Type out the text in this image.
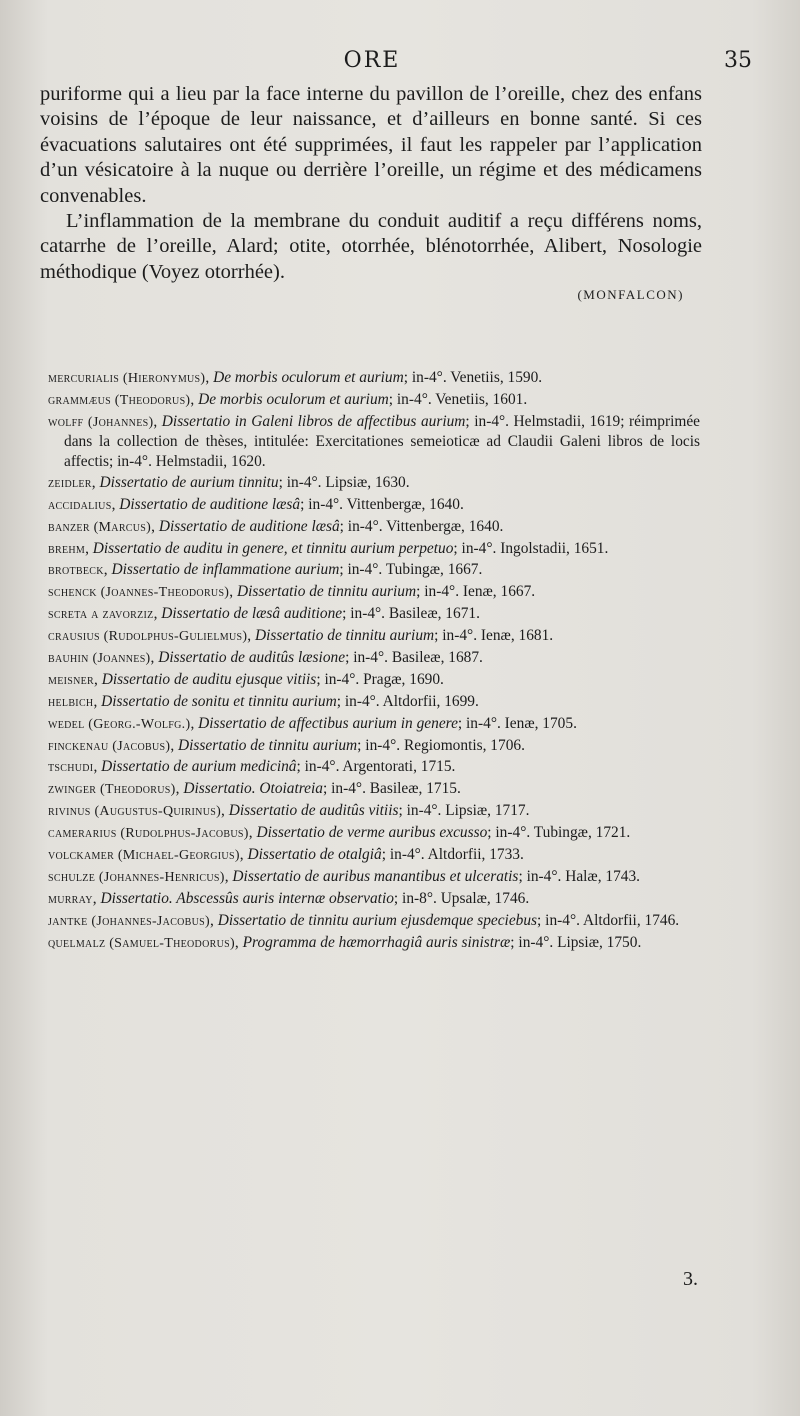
ORE	35

puriforme qui a lieu par la face interne du pavillon de l’oreille, chez des enfans voisins de l’époque de leur naissance, et d’ailleurs en bonne santé. Si ces évacuations salutaires ont été supprimées, il faut les rappeler par l’application d’un vésicatoire à la nuque ou derrière l’oreille, un régime et des médicamens convenables.

L’inflammation de la membrane du conduit auditif a reçu différens noms, catarrhe de l’oreille, Alard; otite, otorrhée, blénotorrhée, Alibert, Nosologie méthodique (Voyez otorrhée).

(MONFALCON)

mercurialis (Hieronymus), De morbis oculorum et aurium; in-4°. Venetiis, 1590.

grammæus (Theodorus), De morbis oculorum et aurium; in-4°. Venetiis, 1601.

wolff (Johannes), Dissertatio in Galeni libros de affectibus aurium; in-4°. Helmstadii, 1619; réimprimée dans la collection de thèses, intitulée: Exercitationes semeioticæ ad Claudii Galeni libros de locis affectis; in-4°. Helmstadii, 1620.

zeidler, Dissertatio de aurium tinnitu; in-4°. Lipsiæ, 1630.

accidalius, Dissertatio de auditione læsâ; in-4°. Vittenbergæ, 1640.

banzer (Marcus), Dissertatio de auditione læsâ; in-4°. Vittenbergæ, 1640.

brehm, Dissertatio de auditu in genere, et tinnitu aurium perpetuo; in-4°. Ingolstadii, 1651.

brotbeck, Dissertatio de inflammatione aurium; in-4°. Tubingæ, 1667.

schenck (Joannes-Theodorus), Dissertatio de tinnitu aurium; in-4°. Ienæ, 1667.

screta a zavorziz, Dissertatio de læsâ auditione; in-4°. Basileæ, 1671.

crausius (Rudolphus-Gulielmus), Dissertatio de tinnitu aurium; in-4°. Ienæ, 1681.

bauhin (Joannes), Dissertatio de auditûs læsione; in-4°. Basileæ, 1687.

meisner, Dissertatio de auditu ejusque vitiis; in-4°. Pragæ, 1690.

helbich, Dissertatio de sonitu et tinnitu aurium; in-4°. Altdorfii, 1699.

wedel (Georg.-Wolfg.), Dissertatio de affectibus aurium in genere; in-4°. Ienæ, 1705.

finckenau (Jacobus), Dissertatio de tinnitu aurium; in-4°. Regiomontis, 1706.

tschudi, Dissertatio de aurium medicinâ; in-4°. Argentorati, 1715.

zwinger (Theodorus), Dissertatio. Otoiatreia; in-4°. Basileæ, 1715.

rivinus (Augustus-Quirinus), Dissertatio de auditûs vitiis; in-4°. Lipsiæ, 1717.

camerarius (Rudolphus-Jacobus), Dissertatio de verme auribus excusso; in-4°. Tubingæ, 1721.

volckamer (Michael-Georgius), Dissertatio de otalgiâ; in-4°. Altdorfii, 1733.

schulze (Johannes-Henricus), Dissertatio de auribus manantibus et ulceratis; in-4°. Halæ, 1743.

murray, Dissertatio. Abscessûs auris internæ observatio; in-8°. Upsalæ, 1746.

jantke (Johannes-Jacobus), Dissertatio de tinnitu aurium ejusdemque speciebus; in-4°. Altdorfii, 1746.

quelmalz (Samuel-Theodorus), Programma de hæmorrhagiâ auris sinistræ; in-4°. Lipsiæ, 1750.

3.
